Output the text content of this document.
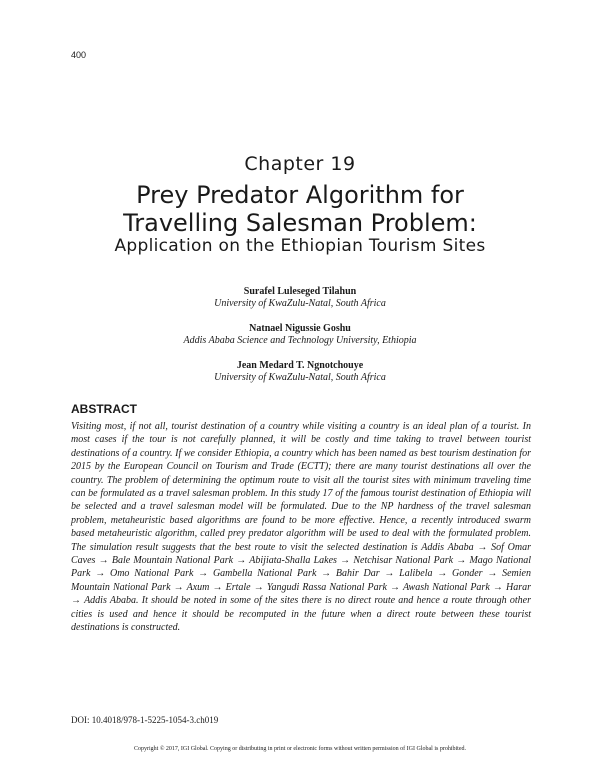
400
Chapter 19
Prey Predator Algorithm for
Travelling Salesman Problem:
Application on the Ethiopian Tourism Sites
Surafel Luleseged Tilahun
University of KwaZulu-Natal, South Africa
Natnael Nigussie Goshu
Addis Ababa Science and Technology University, Ethiopia
Jean Medard T. Ngnotchouye
University of KwaZulu-Natal, South Africa
ABSTRACT
Visiting most, if not all, tourist destination of a country while visiting a country is an ideal plan of a tourist. In most cases if the tour is not carefully planned, it will be costly and time taking to travel between tourist destinations of a country. If we consider Ethiopia, a country which has been named as best tourism destination for 2015 by the European Council on Tourism and Trade (ECTT); there are many tourist destinations all over the country. The problem of determining the optimum route to visit all the tourist sites with minimum traveling time can be formulated as a travel salesman problem. In this study 17 of the famous tourist destination of Ethiopia will be selected and a travel salesman model will be formulated. Due to the NP hardness of the travel salesman problem, metaheuristic based algorithms are found to be more effective. Hence, a recently introduced swarm based metaheuristic algorithm, called prey predator algorithm will be used to deal with the formulated problem. The simulation result suggests that the best route to visit the selected destination is Addis Ababa → Sof Omar Caves → Bale Mountain National Park → Abijiata-Shalla Lakes → Netchisar National Park → Mago National Park → Omo National Park → Gambella National Park → Bahir Dar → Lalibela → Gonder → Semien Mountain National Park → Axum → Ertale → Yangudi Rassa National Park → Awash National Park → Harar → Addis Ababa. It should be noted in some of the sites there is no direct route and hence a route through other cities is used and hence it should be recomputed in the future when a direct route between these tourist destinations is constructed.
DOI: 10.4018/978-1-5225-1054-3.ch019
Copyright © 2017, IGI Global. Copying or distributing in print or electronic forms without written permission of IGI Global is prohibited.
